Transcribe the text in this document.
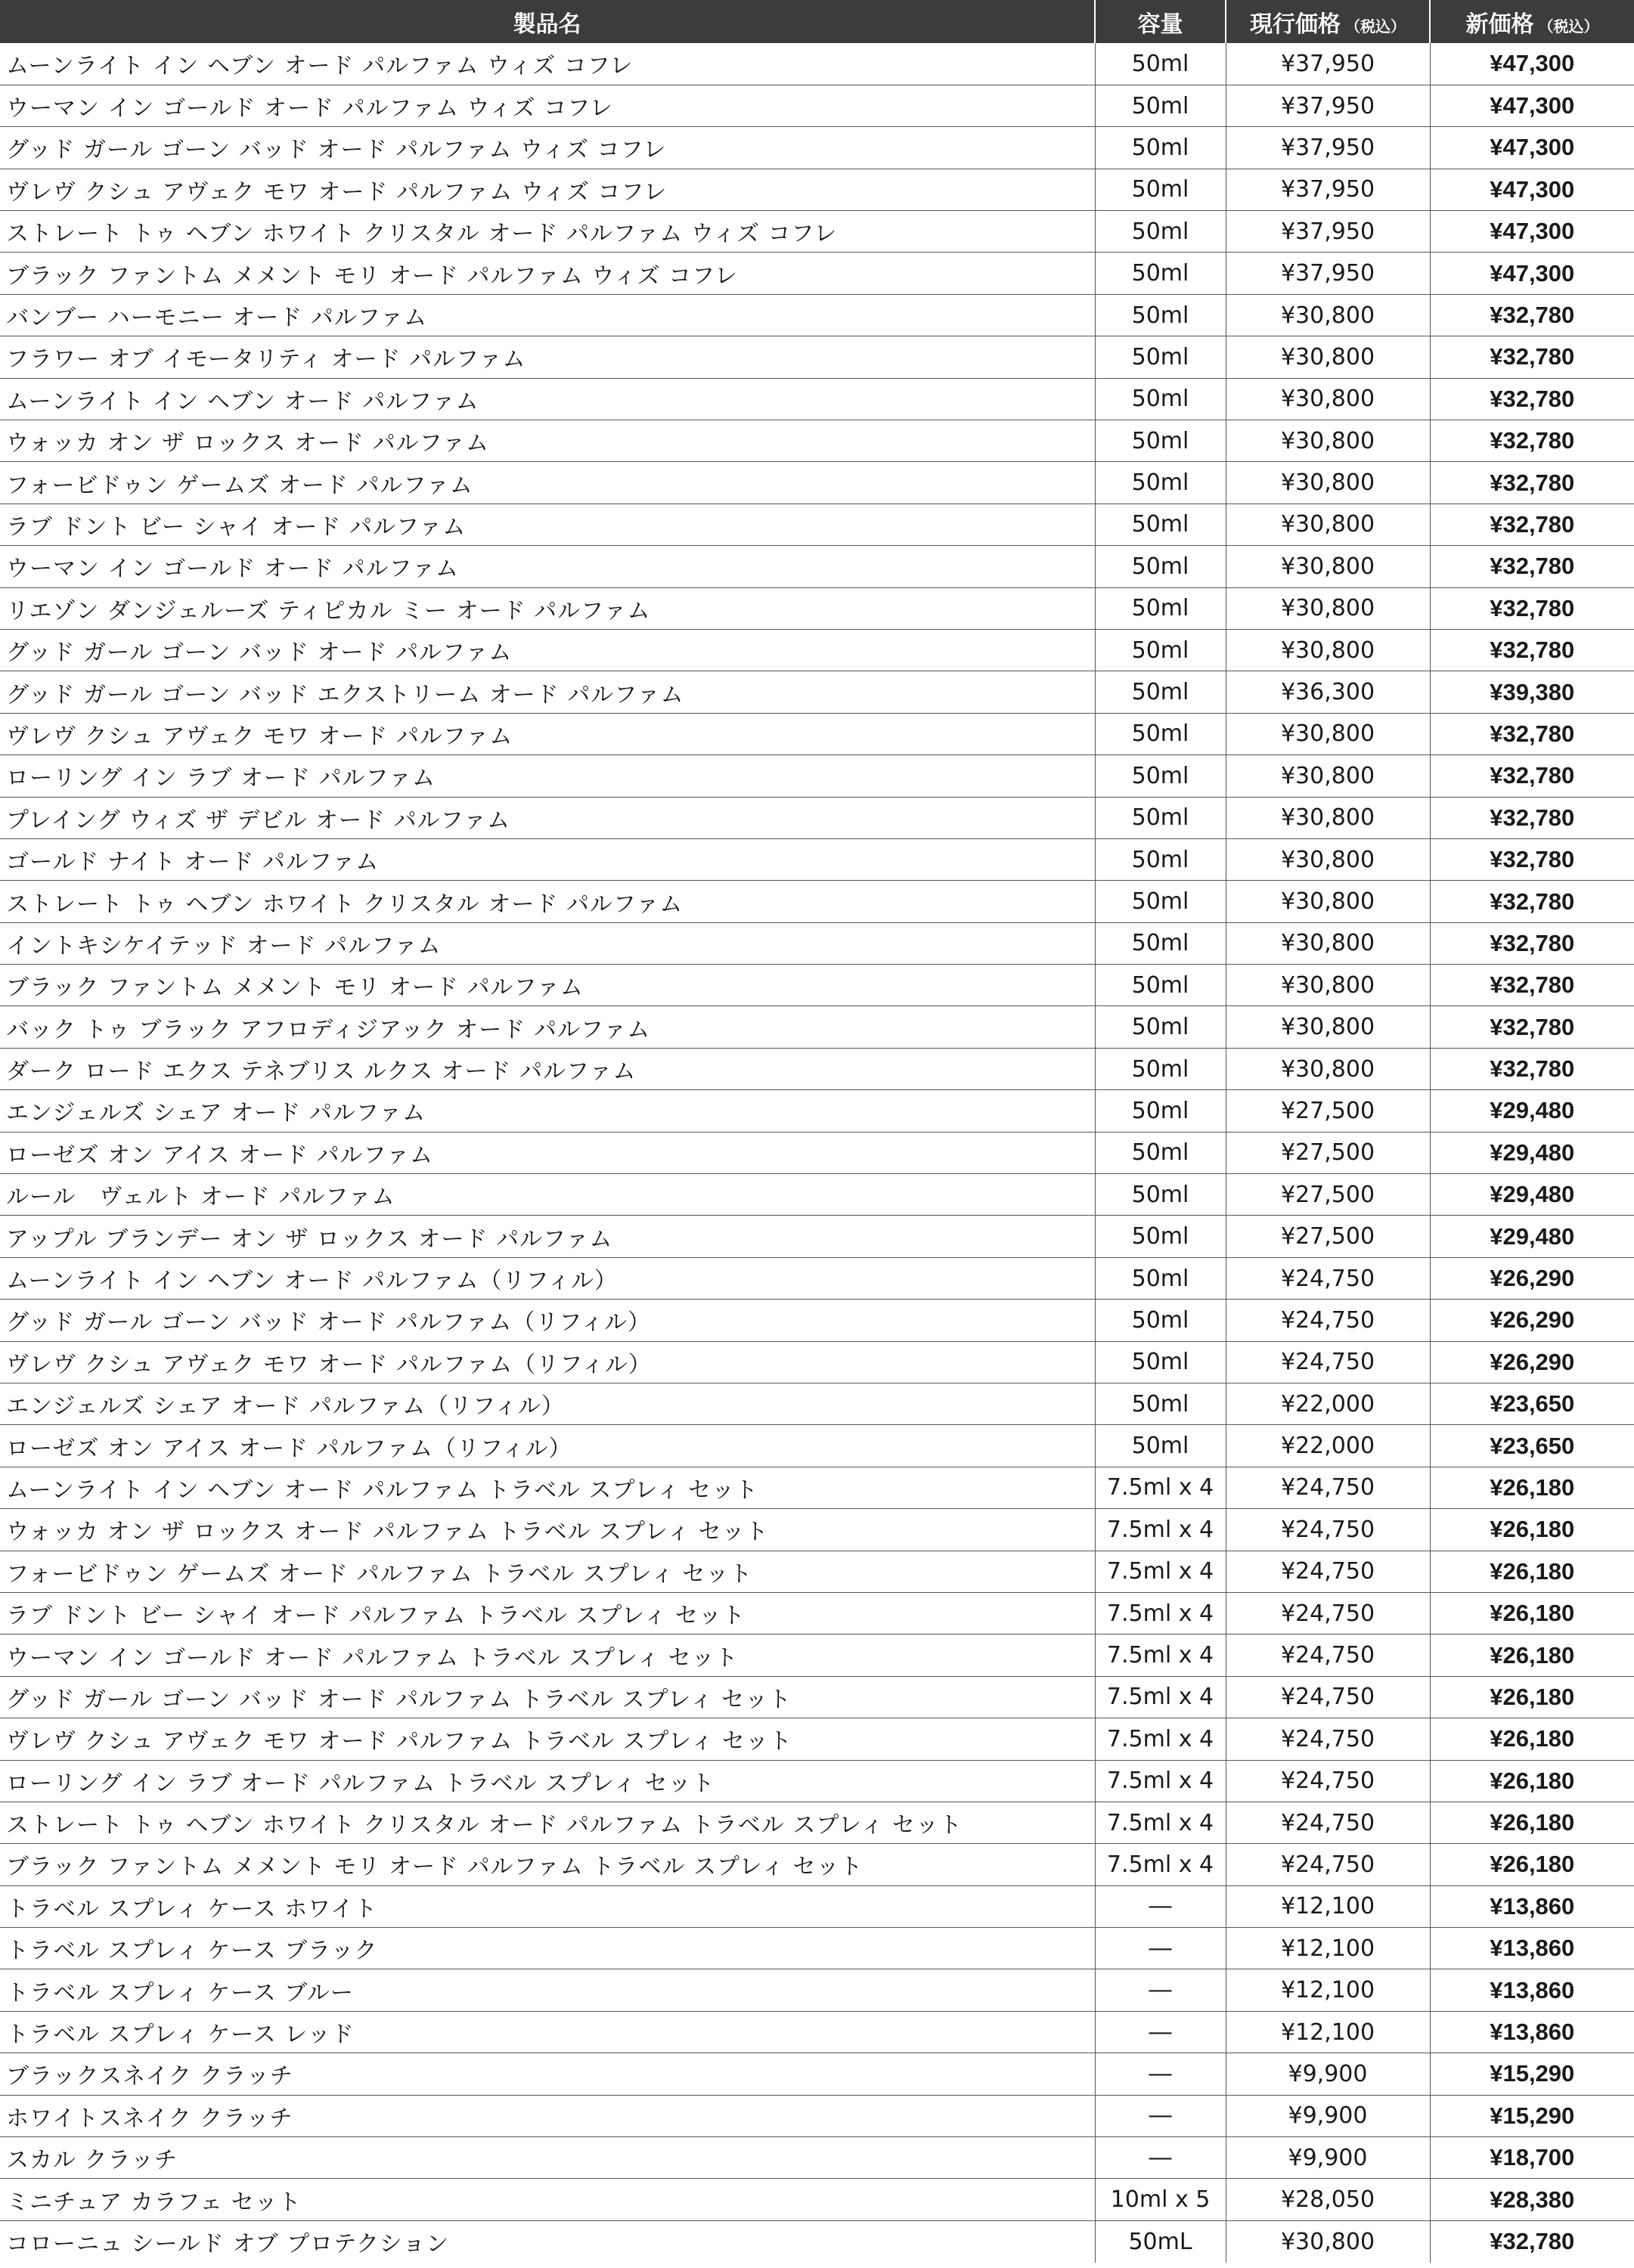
製品名	容量	現行価格 （税込）	新価格 （税込）
ムーンライト イン ヘブン オード パルファム ウィズ コフレ	50ml	¥37,950	¥47,300
ウーマン イン ゴールド オード パルファム ウィズ コフレ	50ml	¥37,950	¥47,300
グッド ガール ゴーン バッド オード パルファム ウィズ コフレ	50ml	¥37,950	¥47,300
ヴレヴ クシュ アヴェク モワ オード パルファム ウィズ コフレ	50ml	¥37,950	¥47,300
ストレート トゥ ヘブン ホワイト クリスタル オード パルファム ウィズ コフレ	50ml	¥37,950	¥47,300
ブラック ファントム メメント モリ オード パルファム ウィズ コフレ	50ml	¥37,950	¥47,300
バンブー ハーモニー オード パルファム	50ml	¥30,800	¥32,780
フラワー オブ イモータリティ オード パルファム	50ml	¥30,800	¥32,780
ムーンライト イン ヘブン オード パルファム	50ml	¥30,800	¥32,780
ウォッカ オン ザ ロックス オード パルファム	50ml	¥30,800	¥32,780
フォービドゥン ゲームズ オード パルファム	50ml	¥30,800	¥32,780
ラブ ドント ビー シャイ オード パルファム	50ml	¥30,800	¥32,780
ウーマン イン ゴールド オード パルファム	50ml	¥30,800	¥32,780
リエゾン ダンジェルーズ ティピカル ミー オード パルファム	50ml	¥30,800	¥32,780
グッド ガール ゴーン バッド オード パルファム	50ml	¥30,800	¥32,780
グッド ガール ゴーン バッド エクストリーム オード パルファム	50ml	¥36,300	¥39,380
ヴレヴ クシュ アヴェク モワ オード パルファム	50ml	¥30,800	¥32,780
ローリング イン ラブ オード パルファム	50ml	¥30,800	¥32,780
プレイング ウィズ ザ デビル オード パルファム	50ml	¥30,800	¥32,780
ゴールド ナイト オード パルファム	50ml	¥30,800	¥32,780
ストレート トゥ ヘブン ホワイト クリスタル オード パルファム	50ml	¥30,800	¥32,780
イントキシケイテッド オード パルファム	50ml	¥30,800	¥32,780
ブラック ファントム メメント モリ オード パルファム	50ml	¥30,800	¥32,780
バック トゥ ブラック アフロディジアック オード パルファム	50ml	¥30,800	¥32,780
ダーク ロード エクス テネブリス ルクス オード パルファム	50ml	¥30,800	¥32,780
エンジェルズ シェア オード パルファム	50ml	¥27,500	¥29,480
ローゼズ オン アイス オード パルファム	50ml	¥27,500	¥29,480
ルール　ヴェルト オード パルファム	50ml	¥27,500	¥29,480
アップル ブランデー オン ザ ロックス オード パルファム	50ml	¥27,500	¥29,480
ムーンライト イン ヘブン オード パルファム（リフィル）	50ml	¥24,750	¥26,290
グッド ガール ゴーン バッド オード パルファム（リフィル）	50ml	¥24,750	¥26,290
ヴレヴ クシュ アヴェク モワ オード パルファム（リフィル）	50ml	¥24,750	¥26,290
エンジェルズ シェア オード パルファム（リフィル）	50ml	¥22,000	¥23,650
ローゼズ オン アイス オード パルファム（リフィル）	50ml	¥22,000	¥23,650
ムーンライト イン ヘブン オード パルファム トラベル スプレィ セット	7.5ml x 4	¥24,750	¥26,180
ウォッカ オン ザ ロックス オード パルファム トラベル スプレィ セット	7.5ml x 4	¥24,750	¥26,180
フォービドゥン ゲームズ オード パルファム トラベル スプレィ セット	7.5ml x 4	¥24,750	¥26,180
ラブ ドント ビー シャイ オード パルファム トラベル スプレィ セット	7.5ml x 4	¥24,750	¥26,180
ウーマン イン ゴールド オード パルファム トラベル スプレィ セット	7.5ml x 4	¥24,750	¥26,180
グッド ガール ゴーン バッド オード パルファム トラベル スプレィ セット	7.5ml x 4	¥24,750	¥26,180
ヴレヴ クシュ アヴェク モワ オード パルファム トラベル スプレィ セット	7.5ml x 4	¥24,750	¥26,180
ローリング イン ラブ オード パルファム トラベル スプレィ セット	7.5ml x 4	¥24,750	¥26,180
ストレート トゥ ヘブン ホワイト クリスタル オード パルファム トラベル スプレィ セット	7.5ml x 4	¥24,750	¥26,180
ブラック ファントム メメント モリ オード パルファム トラベル スプレィ セット	7.5ml x 4	¥24,750	¥26,180
トラベル スプレィ ケース ホワイト	―	¥12,100	¥13,860
トラベル スプレィ ケース ブラック	―	¥12,100	¥13,860
トラベル スプレィ ケース ブルー	―	¥12,100	¥13,860
トラベル スプレィ ケース レッド	―	¥12,100	¥13,860
ブラックスネイク クラッチ	―	¥9,900	¥15,290
ホワイトスネイク クラッチ	―	¥9,900	¥15,290
スカル クラッチ	―	¥9,900	¥18,700
ミニチュア カラフェ セット	10ml x 5	¥28,050	¥28,380
コローニュ シールド オブ プロテクション	50mL	¥30,800	¥32,780
